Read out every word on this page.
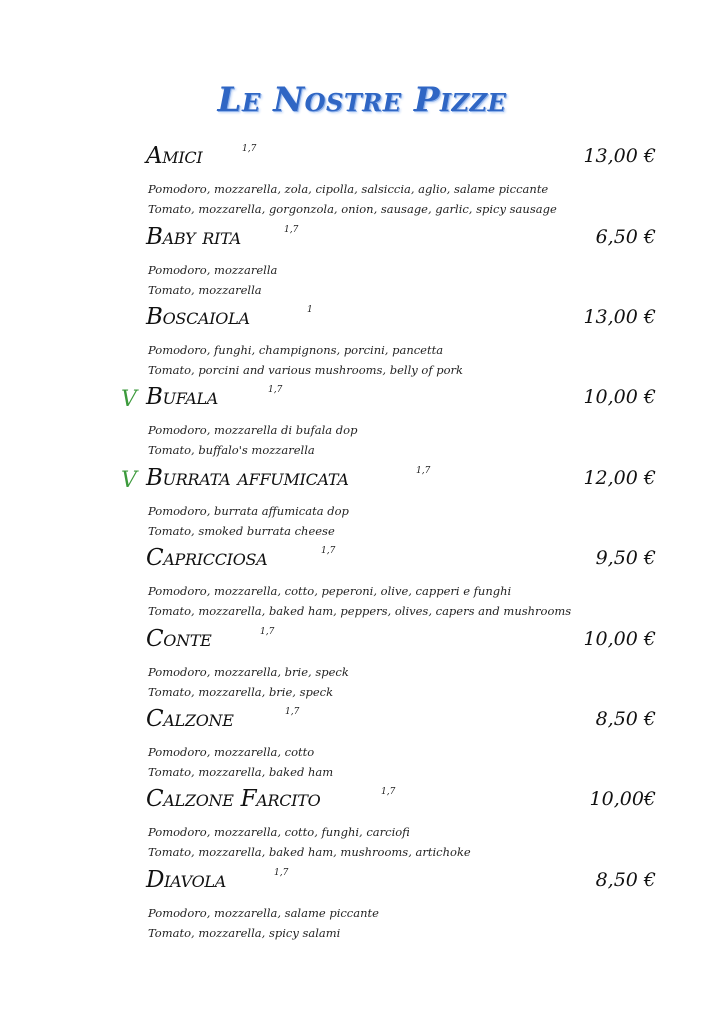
Le Nostre Pizze
Amici	1,7	13,00 €
Pomodoro, mozzarella, zola, cipolla, salsiccia, aglio, salame piccante
Tomato, mozzarella, gorgonzola, onion, sausage, garlic, spicy sausage
Baby rita	1,7	6,50 €
Pomodoro, mozzarella
Tomato, mozzarella
Boscaiola	1	13,00 €
Pomodoro, funghi, champignons, porcini, pancetta
Tomato, porcini and various mushrooms, belly of pork
V Bufala	1,7	10,00 €
Pomodoro, mozzarella di bufala dop
Tomato, buffalo's mozzarella
V Burrata affumicata	1,7	12,00 €
Pomodoro, burrata affumicata dop
Tomato, smoked burrata cheese
Capricciosa	1,7	9,50 €
Pomodoro, mozzarella, cotto, peperoni, olive, capperi e funghi
Tomato, mozzarella, baked ham, peppers, olives, capers and mushrooms
Conte	1,7	10,00 €
Pomodoro, mozzarella, brie, speck
Tomato, mozzarella, brie, speck
Calzone	1,7	8,50 €
Pomodoro, mozzarella, cotto
Tomato, mozzarella, baked ham
Calzone Farcito	1,7	10,00€
Pomodoro, mozzarella, cotto, funghi, carciofi
Tomato, mozzarella, baked ham, mushrooms, artichoke
Diavola	1,7	8,50 €
Pomodoro, mozzarella, salame piccante
Tomato, mozzarella, spicy salami
